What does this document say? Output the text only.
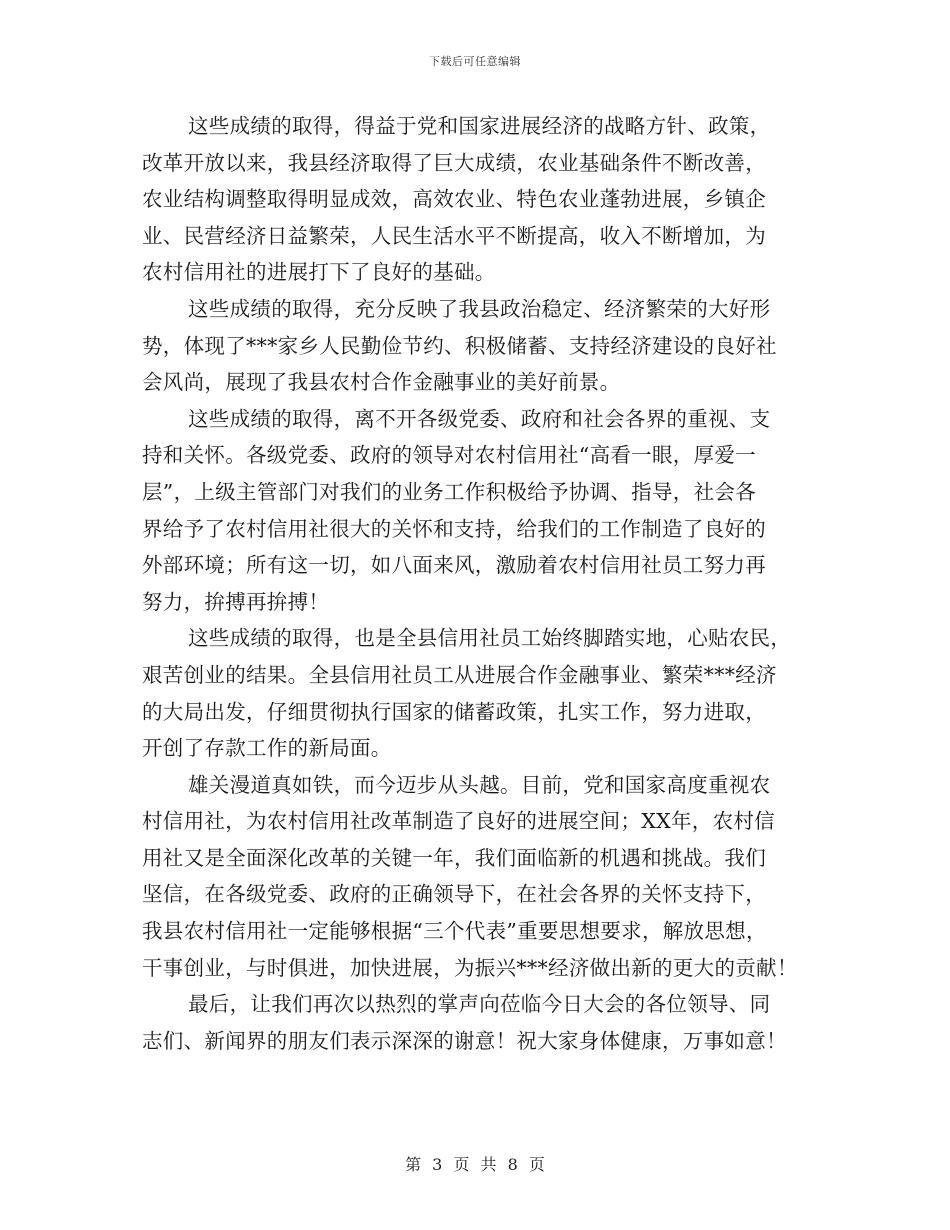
下载后可任意编辑
这些成绩的取得，得益于党和国家进展经济的战略方针、政策，
改革开放以来，我县经济取得了巨大成绩，农业基础条件不断改善，
农业结构调整取得明显成效，高效农业、特色农业蓬勃进展，乡镇企
业、民营经济日益繁荣，人民生活水平不断提高，收入不断增加，为
农村信用社的进展打下了良好的基础。
这些成绩的取得，充分反映了我县政治稳定、经济繁荣的大好形
势，体现了***家乡人民勤俭节约、积极储蓄、支持经济建设的良好社
会风尚，展现了我县农村合作金融事业的美好前景。
这些成绩的取得，离不开各级党委、政府和社会各界的重视、支
持和关怀。各级党委、政府的领导对农村信用社“高看一眼，厚爱一
层”，上级主管部门对我们的业务工作积极给予协调、指导，社会各
界给予了农村信用社很大的关怀和支持，给我们的工作制造了良好的
外部环境；所有这一切，如八面来风，激励着农村信用社员工努力再
努力，拚搏再拚搏！
这些成绩的取得，也是全县信用社员工始终脚踏实地，心贴农民，
艰苦创业的结果。全县信用社员工从进展合作金融事业、繁荣***经济
的大局出发，仔细贯彻执行国家的储蓄政策，扎实工作，努力进取，
开创了存款工作的新局面。
雄关漫道真如铁，而今迈步从头越。目前，党和国家高度重视农
村信用社，为农村信用社改革制造了良好的进展空间；XX年，农村信
用社又是全面深化改革的关键一年，我们面临新的机遇和挑战。我们
坚信，在各级党委、政府的正确领导下，在社会各界的关怀支持下，
我县农村信用社一定能够根据“三个代表”重要思想要求，解放思想，
干事创业，与时俱进，加快进展，为振兴***经济做出新的更大的贡献！
最后，让我们再次以热烈的掌声向莅临今日大会的各位领导、同
志们、新闻界的朋友们表示深深的谢意！祝大家身体健康，万事如意！
第 3 页 共 8 页
